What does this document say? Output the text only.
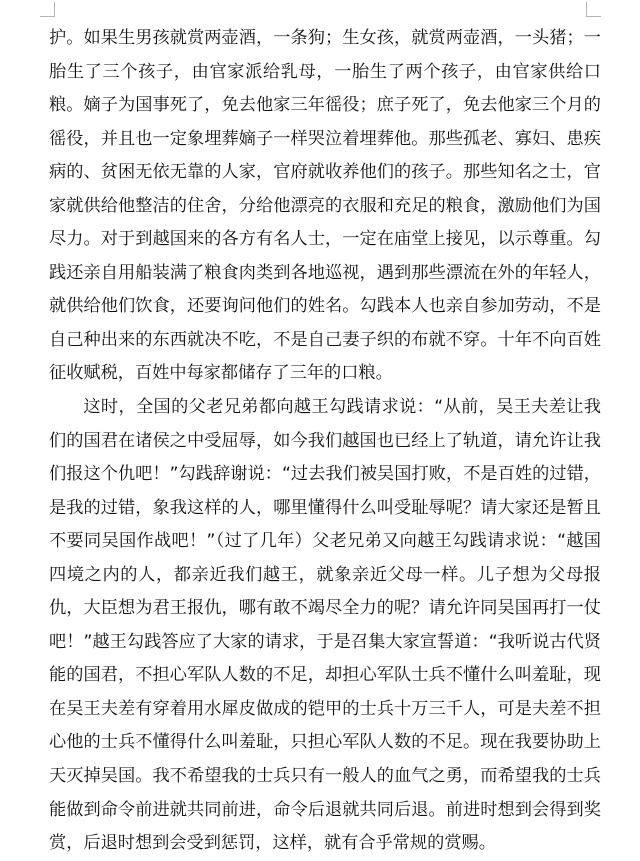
护。如果生男孩就赏两壶酒，一条狗；生女孩，就赏两壶酒，一头猪；一胎生了三个孩子，由官家派给乳母，一胎生了两个孩子，由官家供给口粮。嫡子为国事死了，免去他家三年徭役；庶子死了，免去他家三个月的徭役，并且也一定象埋葬嫡子一样哭泣着埋葬他。那些孤老、寡妇、患疾病的、贫困无依无靠的人家，官府就收养他们的孩子。那些知名之士，官家就供给他整洁的住舍，分给他漂亮的衣服和充足的粮食，激励他们为国尽力。对于到越国来的各方有名人士，一定在庙堂上接见，以示尊重。勾践还亲自用船装满了粮食肉类到各地巡视，遇到那些漂流在外的年轻人，就供给他们饮食，还要询问他们的姓名。勾践本人也亲自参加劳动，不是自己种出来的东西就决不吃，不是自己妻子织的布就不穿。十年不向百姓征收赋税，百姓中每家都储存了三年的口粮。

这时，全国的父老兄弟都向越王勾践请求说：“从前，吴王夫差让我们的国君在诸侯之中受屈辱，如今我们越国也已经上了轨道，请允许让我们报这个仇吧！”勾践辞谢说：“过去我们被吴国打败，不是百姓的过错，是我的过错，象我这样的人，哪里懂得什么叫受耻辱呢？请大家还是暂且不要同吴国作战吧！”（过了几年）父老兄弟又向越王勾践请求说：“越国四境之内的人，都亲近我们越王，就象亲近父母一样。儿子想为父母报仇，大臣想为君王报仇，哪有敢不竭尽全力的呢？请允许同吴国再打一仗吧！”越王勾践答应了大家的请求，于是召集大家宣誓道：“我听说古代贤能的国君，不担心军队人数的不足，却担心军队士兵不懂什么叫羞耻，现在吴王夫差有穿着用水犀皮做成的铠甲的士兵十万三千人，可是夫差不担心他的士兵不懂得什么叫羞耻，只担心军队人数的不足。现在我要协助上天灭掉吴国。我不希望我的士兵只有一般人的血气之勇，而希望我的士兵能做到命令前进就共同前进，命令后退就共同后退。前进时想到会得到奖赏，后退时想到会受到惩罚，这样，就有合乎常规的赏赐。
